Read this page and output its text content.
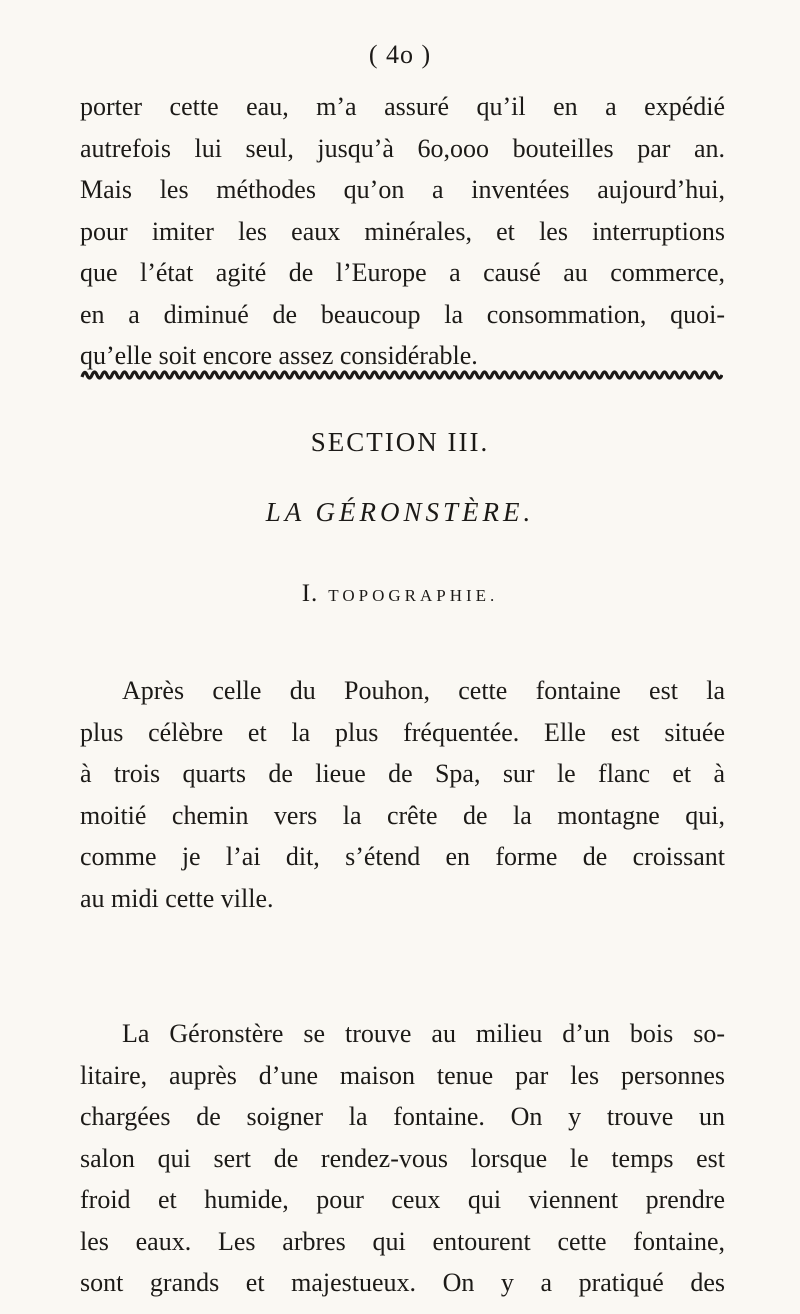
( 4o )

porter cette eau, m’a assuré qu’il en a expédié
autrefois lui seul, jusqu’à 6o,ooo bouteilles par an.
Mais les méthodes qu’on a inventées aujourd’hui,
pour imiter les eaux minérales, et les interruptions
que l’état agité de l’Europe a causé au commerce,
en a diminué de beaucoup la consommation, quoi-
qu’elle soit encore assez considérable.

SECTION III.
LA GÉRONSTÈRE.
I. TOPOGRAPHIE.

Après celle du Pouhon, cette fontaine est la
plus célèbre et la plus fréquentée. Elle est située
à trois quarts de lieue de Spa, sur le flanc et à
moitié chemin vers la crête de la montagne qui,
comme je l’ai dit, s’étend en forme de croissant
au midi cette ville.

La Géronstère se trouve au milieu d’un bois so-
litaire, auprès d’une maison tenue par les personnes
chargées de soigner la fontaine. On y trouve un
salon qui sert de rendez-vous lorsque le temps est
froid et humide, pour ceux qui viennent prendre
les eaux. Les arbres qui entourent cette fontaine,
sont grands et majestueux. On y a pratiqué des
